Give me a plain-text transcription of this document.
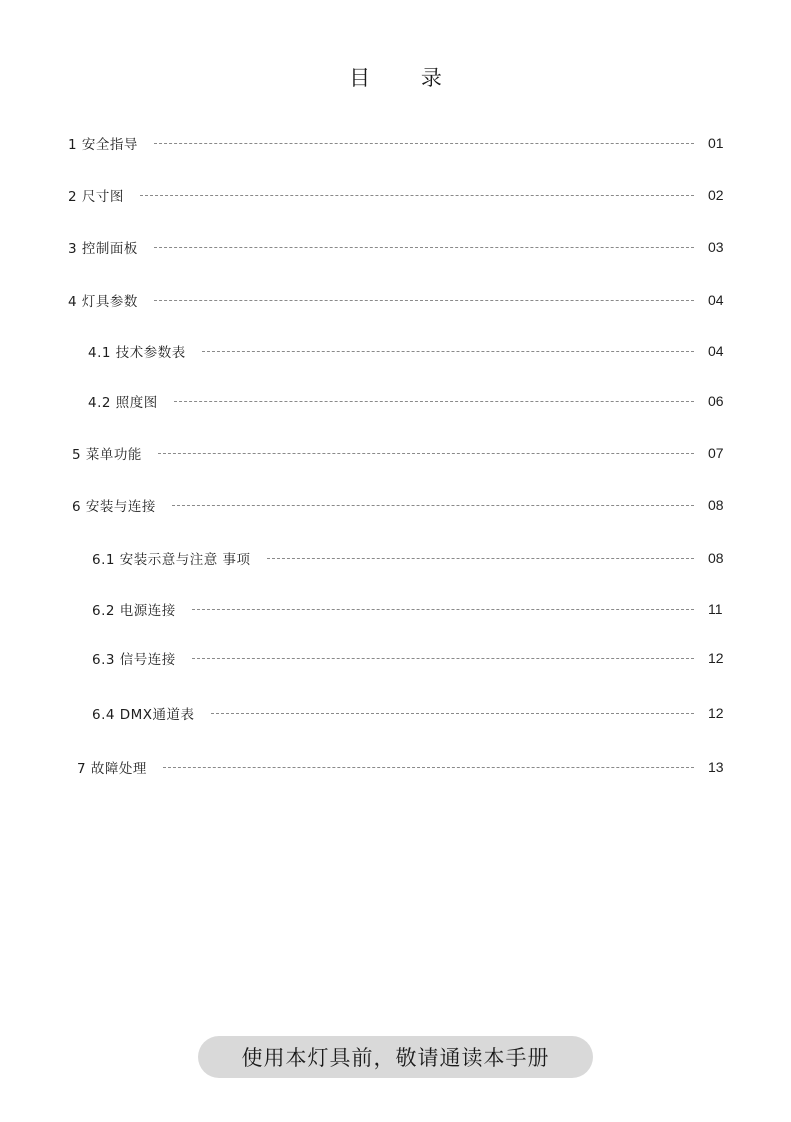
目 录
1 安全指导	01
2 尺寸图	02
3 控制面板	03
4 灯具参数	04
4.1 技术参数表	04
4.2 照度图	06
5 菜单功能	07
6 安装与连接	08
6.1 安装示意与注意 事项	08
6.2 电源连接	11
6.3 信号连接	12
6.4 DMX通道表	12
7 故障处理	13
使用本灯具前，敬请通读本手册
